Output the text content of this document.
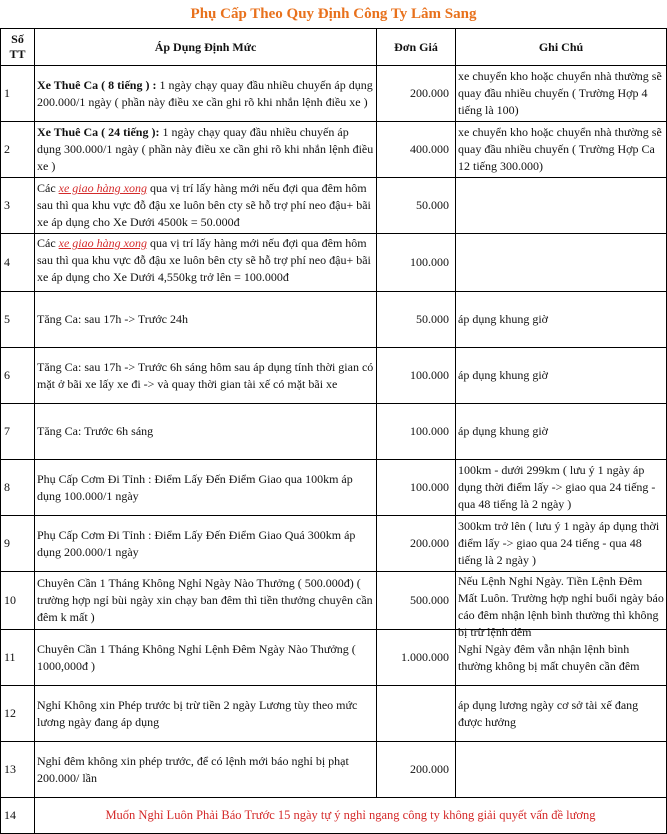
Phụ Cấp Theo Quy Định Công Ty Lâm Sang
Số TT	Áp Dụng Định Mức	Đơn Giá	Ghi Chú
1	Xe Thuê Ca ( 8 tiếng ) : 1 ngày chạy quay đầu nhiều chuyến áp dụng 200.000/1 ngày ( phần này điều xe cần ghi rõ khi nhắn lệnh điều xe )	200.000	xe chuyển kho hoặc chuyển nhà thường sẽ quay đầu nhiều chuyến ( Trường Hợp 4 tiếng là 100)
2	Xe Thuê Ca ( 24 tiếng ): 1 ngày chạy quay đầu nhiều chuyến áp dụng 300.000/1 ngày ( phần này điều xe cần ghi rõ khi nhắn lệnh điều xe )	400.000	xe chuyển kho hoặc chuyển nhà thường sẽ quay đầu nhiều chuyến ( Trường Hợp Ca 12 tiếng 300.000)
3	Các xe giao hàng xong qua vị trí lấy hàng mới nếu đợi qua đêm hôm sau thì qua khu vực đỗ đậu xe luôn bên cty sẽ hỗ trợ phí neo đậu+ bãi xe áp dụng cho Xe Dưới 4500k = 50.000đ	50.000	
4	Các xe giao hàng xong qua vị trí lấy hàng mới nếu đợi qua đêm hôm sau thì qua khu vực đỗ đậu xe luôn bên cty sẽ hỗ trợ phí neo đậu+ bãi xe áp dụng cho Xe Dưới 4,550kg trở lên = 100.000đ	100.000	
5	Tăng Ca: sau 17h -> Trước 24h	50.000	áp dụng khung giờ
6	Tăng Ca: sau 17h -> Trước 6h sáng hôm sau áp dụng tính thời gian có mặt ở bãi xe lấy xe đi -> và quay thời gian tài xế có mặt bãi xe	100.000	áp dụng khung giờ
7	Tăng Ca: Trước 6h sáng	100.000	áp dụng khung giờ
8	Phụ Cấp Cơm Đi Tỉnh : Điểm Lấy Đến Điểm Giao qua 100km áp dụng 100.000/1 ngày	100.000	100km - dưới 299km ( lưu ý 1 ngày áp dụng thời điểm lấy -> giao qua 24 tiếng - qua 48 tiếng là 2 ngày )
9	Phụ Cấp Cơm Đi Tỉnh : Điểm Lấy Đến Điểm Giao Quá 300km áp dụng 200.000/1 ngày	200.000	300km trở lên ( lưu ý 1 ngày áp dụng thời điểm lấy -> giao qua 24 tiếng - qua 48 tiếng là 2 ngày )
10	Chuyên Cần 1 Tháng Không Nghỉ Ngày Nào Thưởng ( 500.000đ) ( trường hợp ngỉ bùi ngày xin chạy ban đêm thì tiền thưởng chuyên cần đêm k mất )	500.000	Nếu Lệnh Nghỉ Ngày. Tiền Lệnh Đêm Mất Luôn. Trường hợp nghỉ buổi ngày báo cáo đêm nhận lệnh bình thường thì không bị trừ lệnh đêm

11	Chuyên Cần 1 Tháng Không Nghỉ Lệnh Đêm Ngày Nào Thưởng ( 1000,000đ )	1.000.000	Nghỉ Ngày đêm vẫn nhận lệnh bình thường không bị mất chuyên cần đêm
12	Nghỉ Không xin Phép trước bị trừ tiền 2 ngày Lương tùy theo mức lương ngày đang áp dụng		áp dụng lương ngày cơ sở tài xế đang được hưởng
13	Nghỉ đêm không xin phép trước, để có lệnh mới báo nghỉ bị phạt 200.000/ lần	200.000	
14	Muốn Nghỉ Luôn Phải Báo Trước 15 ngày tự ý nghỉ ngang công ty không giải quyết vấn đề lương		
